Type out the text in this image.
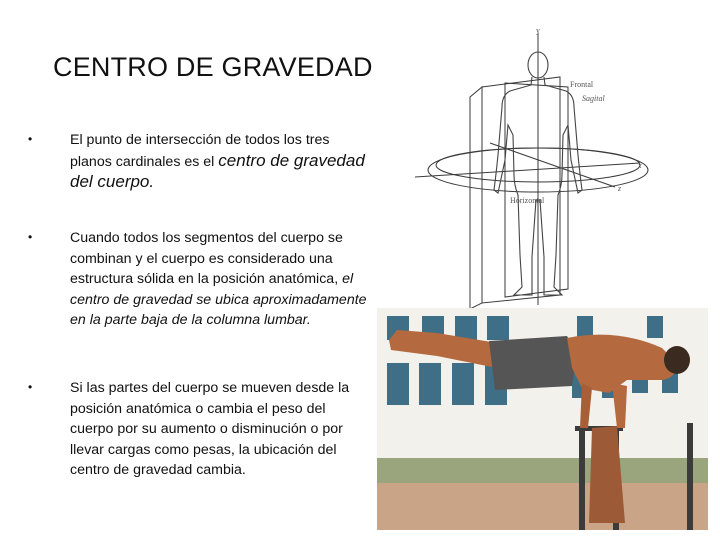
CENTRO DE GRAVEDAD
•	El punto de intersección de todos los tres planos cardinales es el centro de gravedad del cuerpo.
•	Cuando todos los segmentos del cuerpo se combinan y el cuerpo es considerado una estructura sólida en la posición anatómica, el centro de gravedad se ubica aproximadamente en la parte baja de la columna lumbar.
•	Si las partes del cuerpo se mueven desde la posición anatómica o cambia el peso del cuerpo por su aumento o disminución o por llevar cargas como pesas, la ubicación del centro de gravedad cambia.
y
Frontal
Sagital
x
z
Horizontal
